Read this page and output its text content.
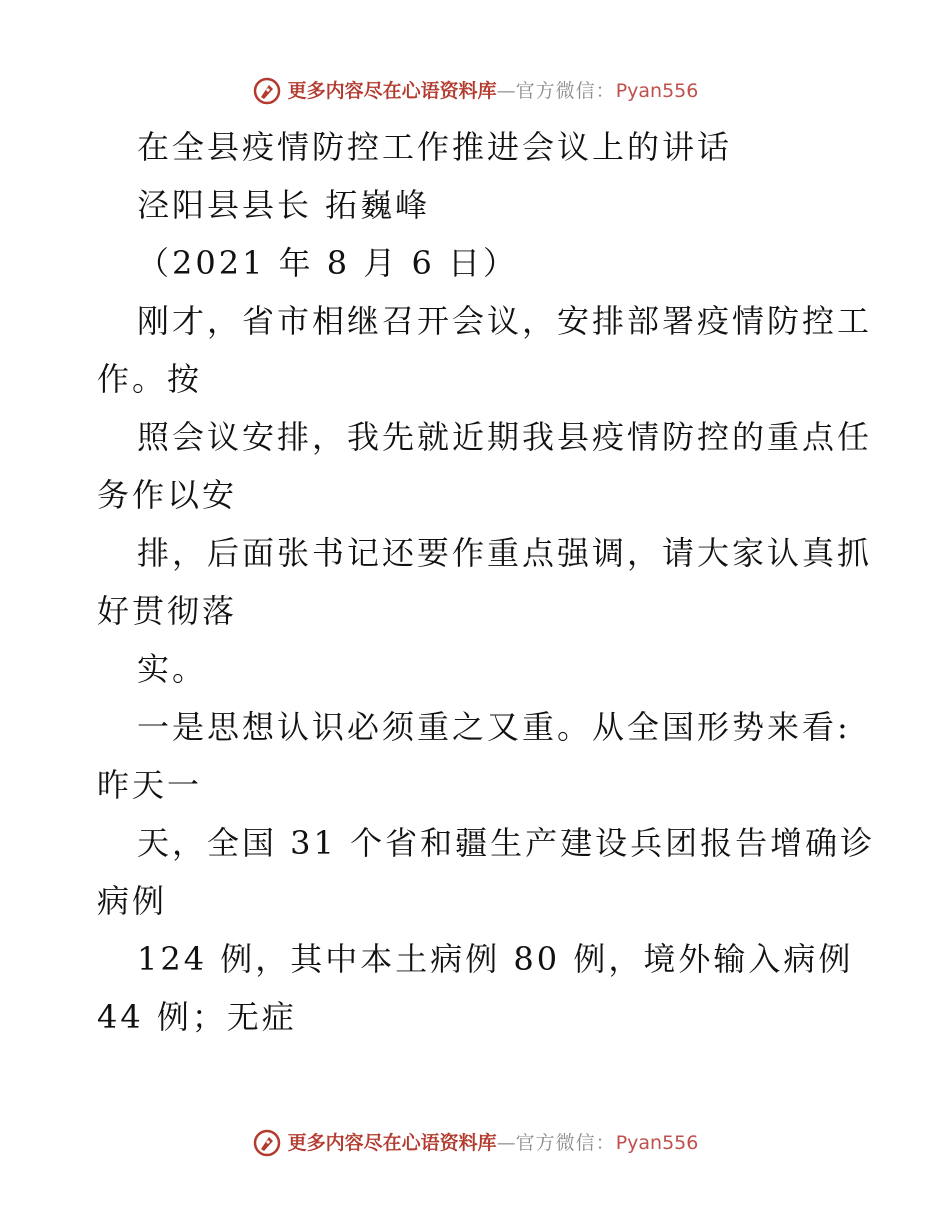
更多内容尽在心语资料库 — 官方微信： Pyan556
在全县疫情防控工作推进会议上的讲话
泾阳县县长 拓巍峰
（2021 年 8 月 6 日）
刚才，省市相继召开会议，安排部署疫情防控工
作。按
照会议安排，我先就近期我县疫情防控的重点任
务作以安
排，后面张书记还要作重点强调，请大家认真抓
好贯彻落
实。
一是思想认识必须重之又重。从全国形势来看:
昨天一
天，全国 31 个省和疆生产建设兵团报告增确诊
病例
124 例，其中本土病例 80 例，境外输入病例
44 例；无症
更多内容尽在心语资料库 — 官方微信： Pyan556
